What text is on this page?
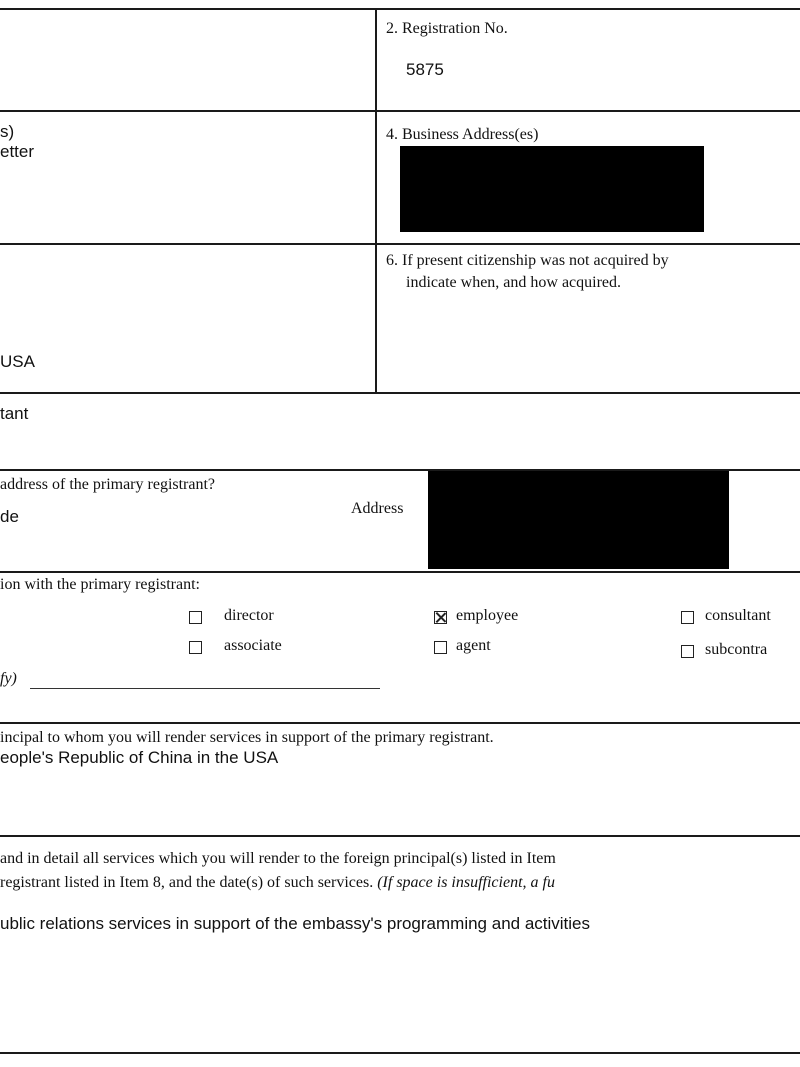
2. Registration No.
5875
s)
etter
4. Business Address(es)
6. If present citizenship was not acquired by
indicate when, and how acquired.
USA
tant
address of the primary registrant?
de	Address
ion with the primary registrant:
director	employee	consultant
associate	agent	subcontra
fy)
incipal to whom you will render services in support of the primary registrant.
eople's Republic of China in the USA
and in detail all services which you will render to the foreign principal(s) listed in Item
registrant listed in Item 8, and the date(s) of such services. (If space is insufficient, a fu
ublic relations services in support of the embassy's programming and activities
